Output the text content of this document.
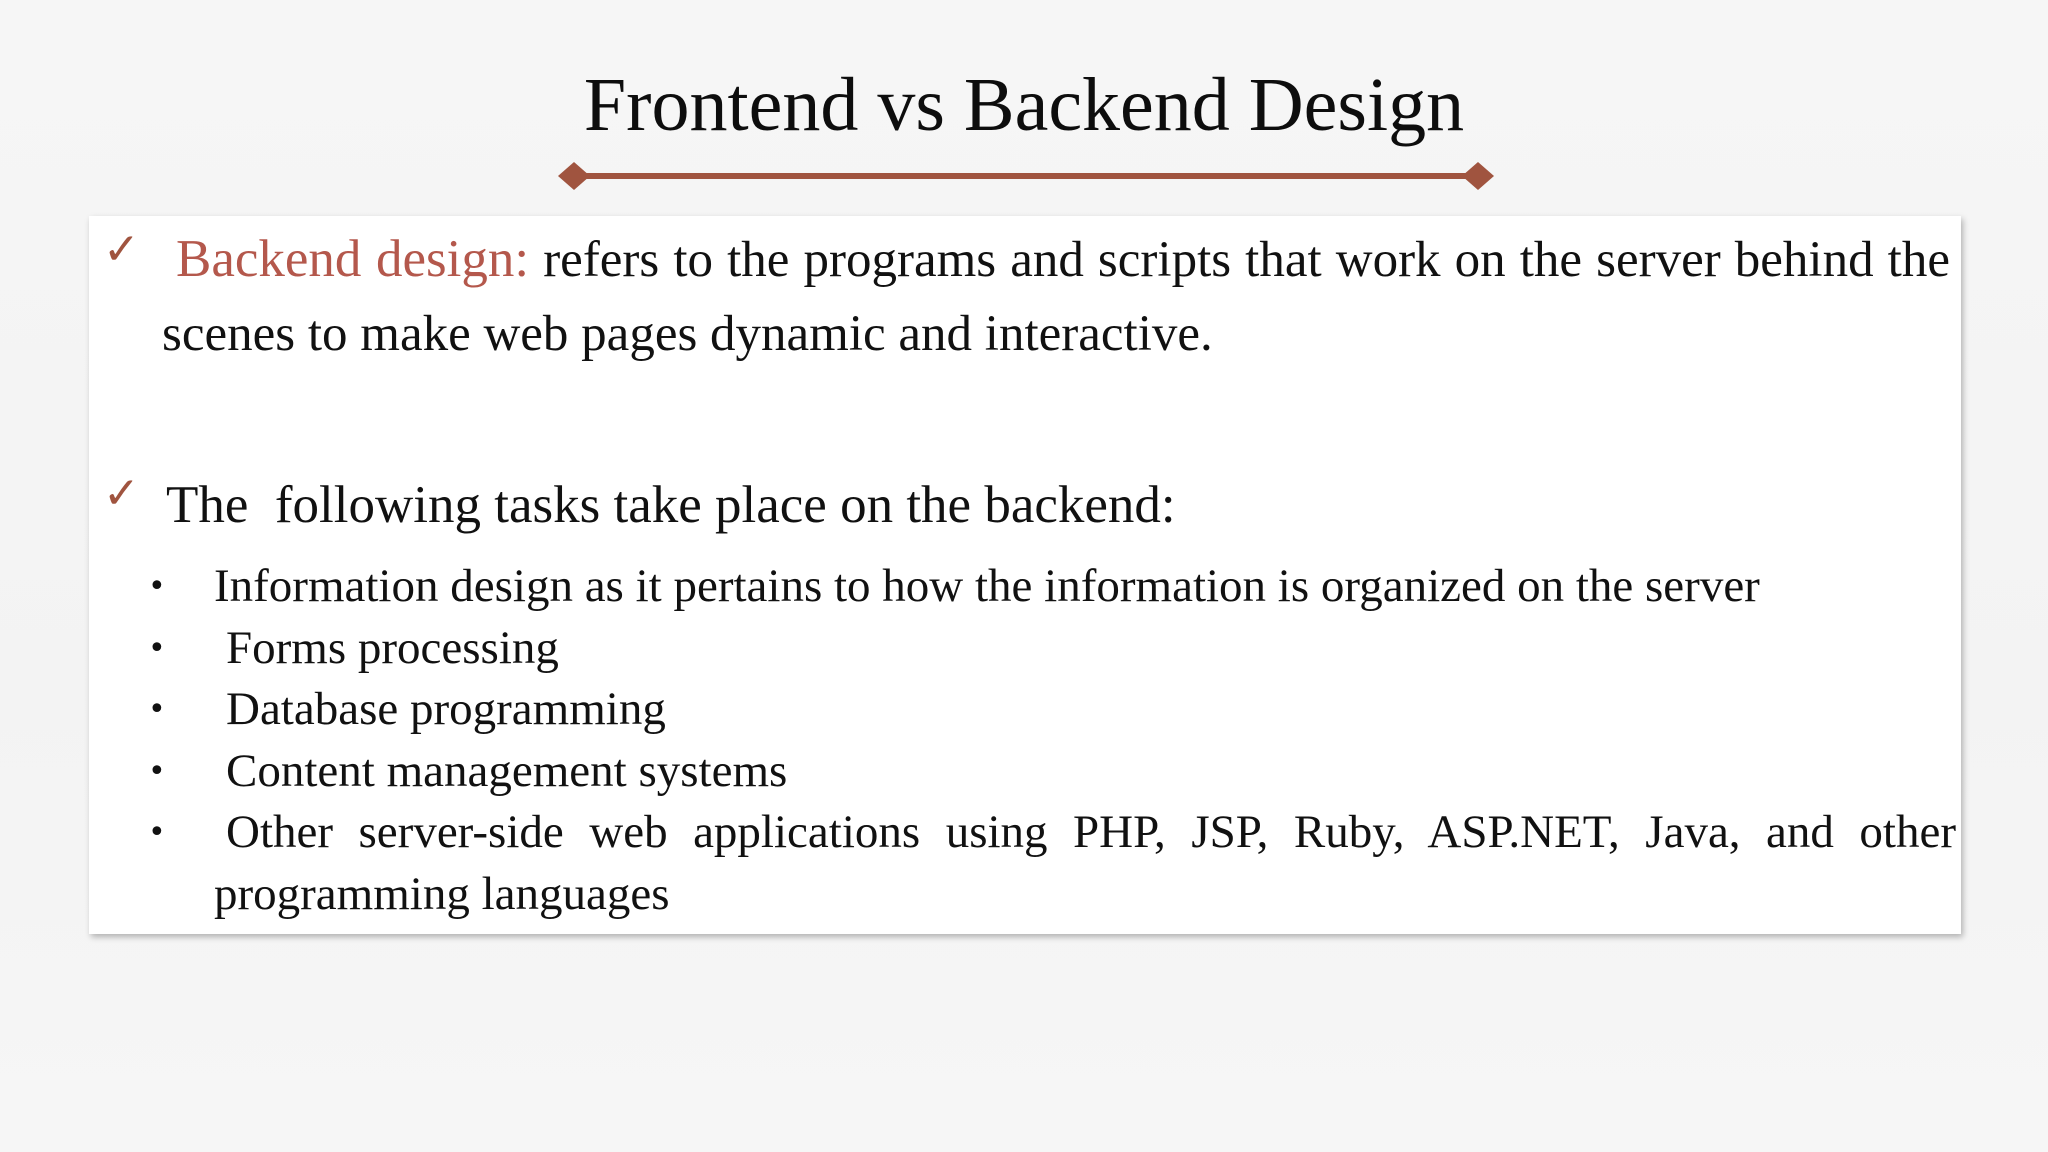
Frontend vs Backend Design
✓ Backend design: refers to the programs and scripts that work on the server behind the scenes to make web pages dynamic and interactive.

✓ The  following tasks take place on the backend:

• Information design as it pertains to how the information is organized on the server
• Forms processing
• Database programming
• Content management systems
• Other server-side web applications using PHP, JSP, Ruby, ASP.NET, Java, and other programming languages
